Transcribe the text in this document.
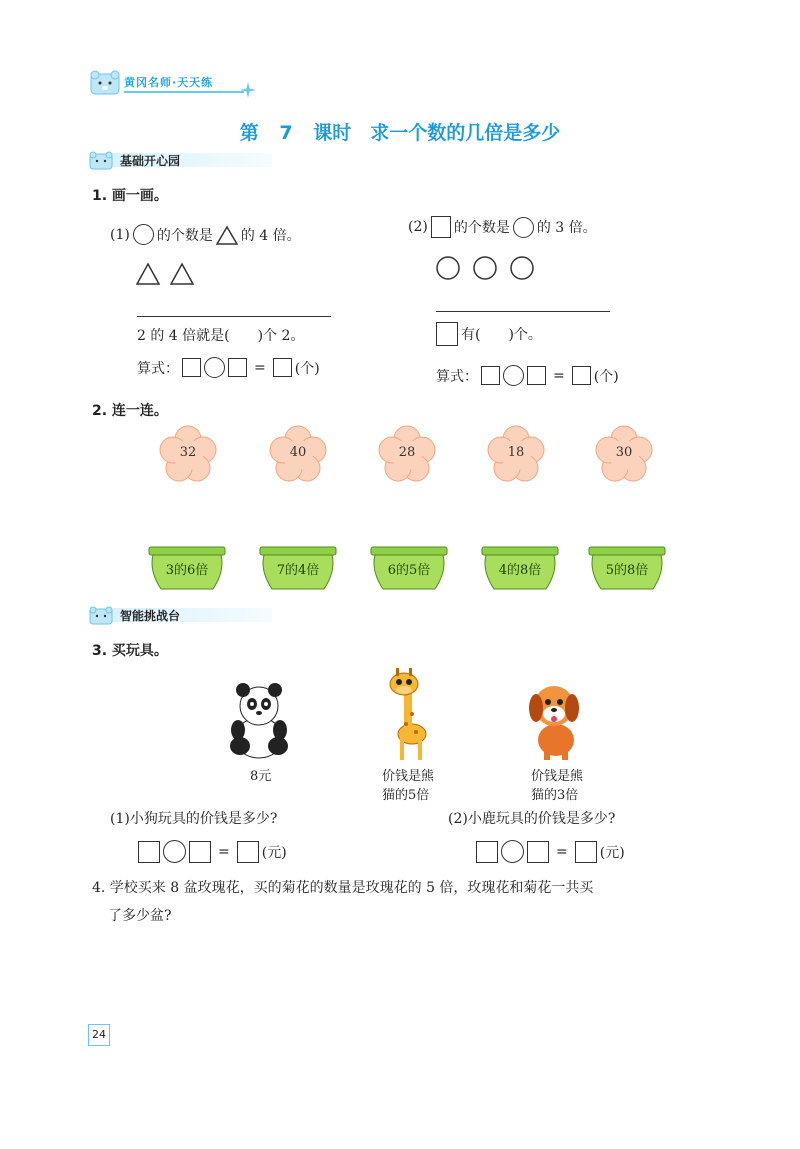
黄冈名师·天天练
第 7 课时　求一个数的几倍是多少
基础开心园
1. 画一画。
(1) 的个数是 的 4 倍。
2 的 4 倍就是(　　)个 2。
算式：	= (个)
(2) 的个数是 的 3 倍。
有(　　)个。
算式：	= (个)
2. 连一连。
32	40	28	18	30
3的6倍	7的4倍	6的5倍	4的8倍	5的8倍
智能挑战台
3. 买玩具。
8元	价钱是熊
猫的5倍
价钱是熊
猫的3倍
(1)小狗玩具的价钱是多少?	(2)小鹿玩具的价钱是多少?
= (元)	= (元)
4. 学校买来 8 盆玫瑰花，买的菊花的数量是玫瑰花的 5 倍，玫瑰花和菊花一共买
了多少盆?
24
